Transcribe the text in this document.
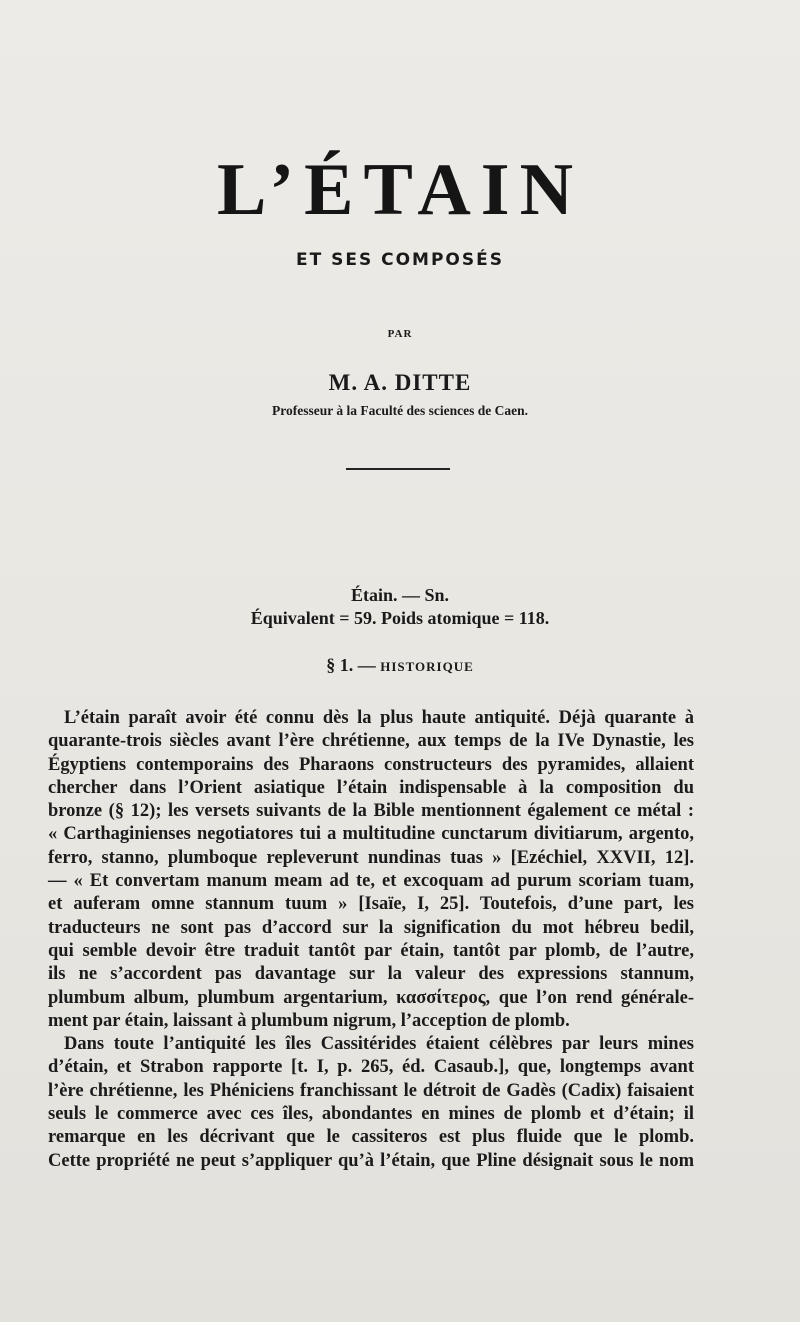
L’ÉTAIN
ET SES COMPOSÉS
PAR
M. A. DITTE
Professeur à la Faculté des sciences de Caen.
Étain. — Sn.
Équivalent = 59. Poids atomique = 118.
§ 1. — HISTORIQUE
L’étain paraît avoir été connu dès la plus haute antiquité. Déjà quarante à
quarante-trois siècles avant l’ère chrétienne, aux temps de la IVe Dynastie, les
Égyptiens contemporains des Pharaons constructeurs des pyramides, allaient
chercher dans l’Orient asiatique l’étain indispensable à la composition du
bronze (§ 12); les versets suivants de la Bible mentionnent également ce métal :
« Carthaginienses negotiatores tui a multitudine cunctarum divitiarum, argento,
ferro, stanno, plumboque repleverunt nundinas tuas » [Ezéchiel, XXVII, 12].
— « Et convertam manum meam ad te, et excoquam ad purum scoriam tuam,
et auferam omne stannum tuum » [Isaïe, I, 25]. Toutefois, d’une part, les
traducteurs ne sont pas d’accord sur la signification du mot hébreu bedil,
qui semble devoir être traduit tantôt par étain, tantôt par plomb, de l’autre,
ils ne s’accordent pas davantage sur la valeur des expressions stannum,
plumbum album, plumbum argentarium, κασσίτερος, que l’on rend générale-
ment par étain, laissant à plumbum nigrum, l’acception de plomb.
Dans toute l’antiquité les îles Cassitérides étaient célèbres par leurs mines
d’étain, et Strabon rapporte [t. I, p. 265, éd. Casaub.], que, longtemps avant
l’ère chrétienne, les Phéniciens franchissant le détroit de Gadès (Cadix) faisaient
seuls le commerce avec ces îles, abondantes en mines de plomb et d’étain; il
remarque en les décrivant que le cassiteros est plus fluide que le plomb.
Cette propriété ne peut s’appliquer qu’à l’étain, que Pline désignait sous le nom
